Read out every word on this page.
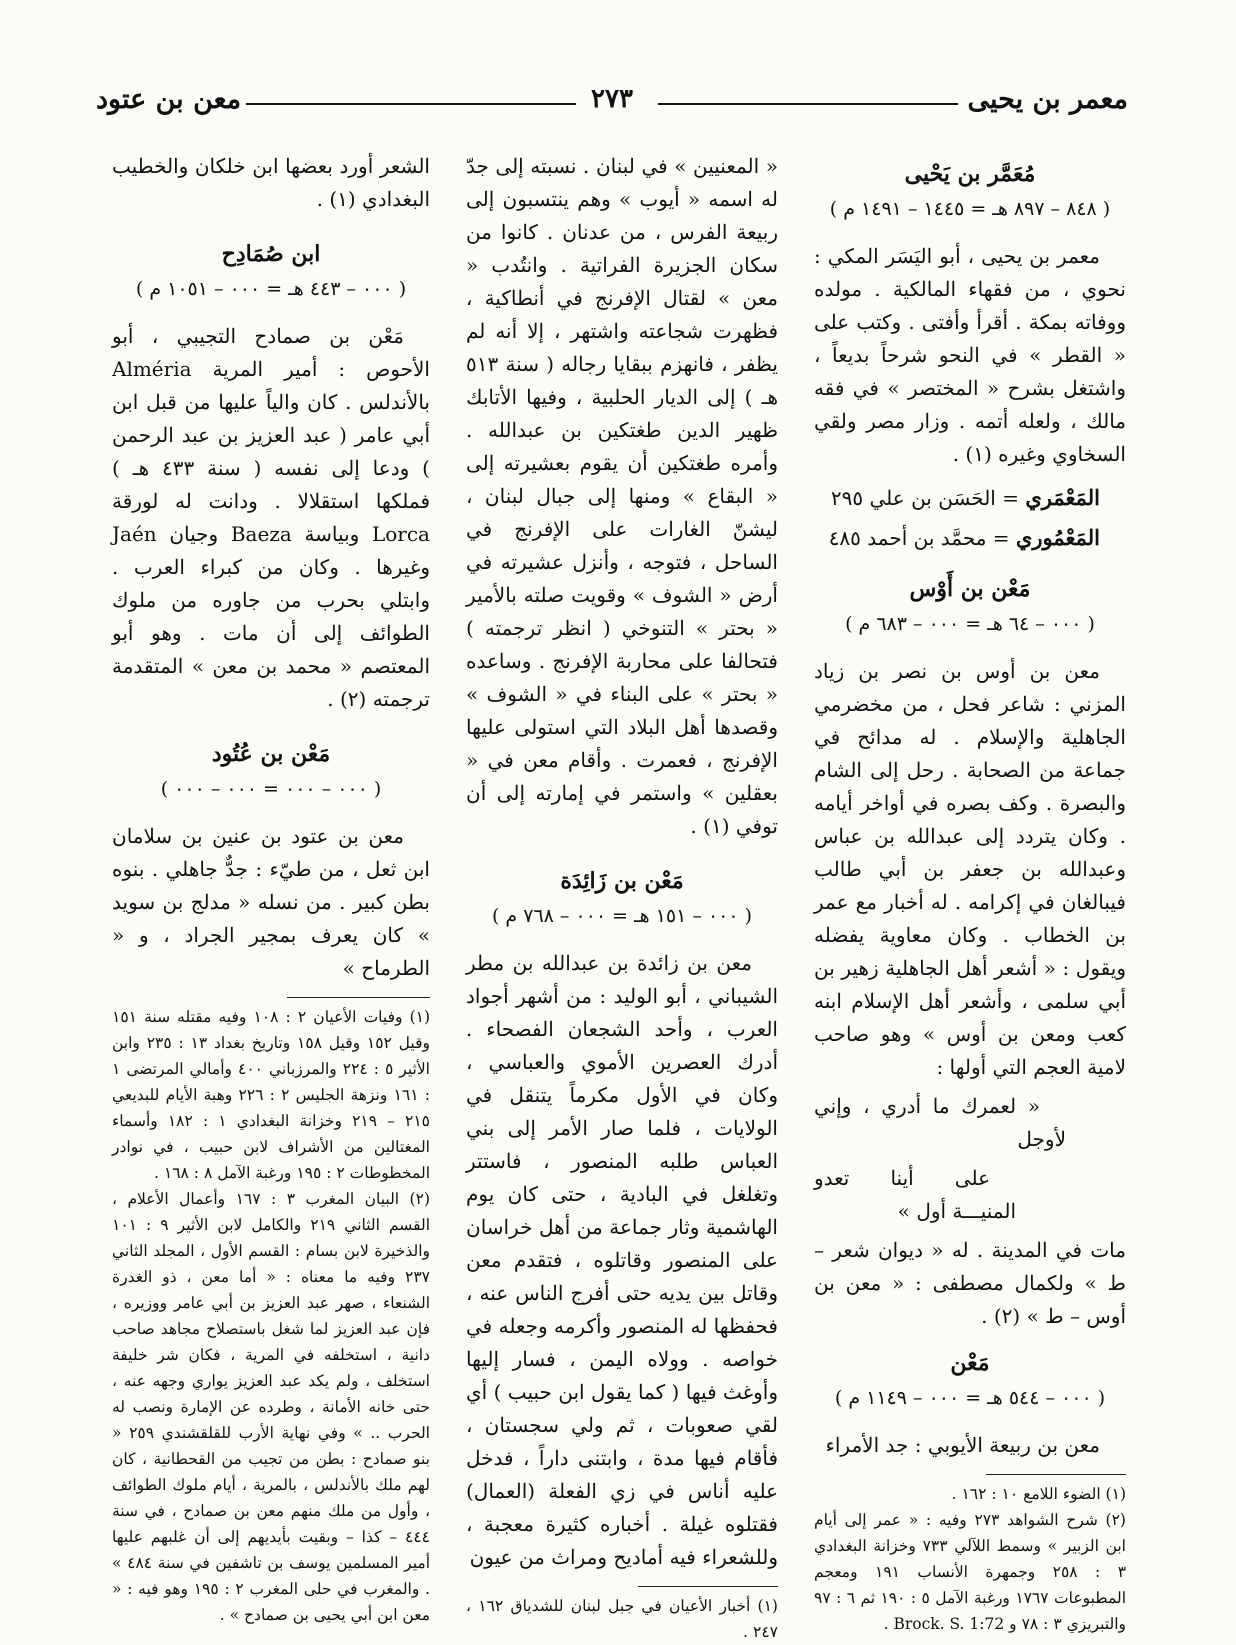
معمر بن يحيى
٢٧٣
معن بن عتود
مُعَمَّر بن يَحْيى
( ٨٤٨ – ٨٩٧ هـ = ١٤٤٥ – ١٤٩١ م )

معمر بن يحيى ، أبو اليَسَر المكي : نحوي ، من فقهاء المالكية . مولده ووفاته بمكة . أقرأ وأفتى . وكتب على « القطر » في النحو شرحاً بديعاً ، واشتغل بشرح « المختصر » في فقه مالك ، ولعله أتمه . وزار مصر ولقي السخاوي وغيره (١) .

المَعْمَري = الحَسَن بن علي ٢٩٥

المَعْمُوري = محمَّد بن أحمد ٤٨٥

مَعْن بن أَوْس
( ٠٠٠ – ٦٤ هـ = ٠٠٠ – ٦٨٣ م )

معن بن أوس بن نصر بن زياد المزني : شاعر فحل ، من مخضرمي الجاهلية والإسلام . له مدائح في جماعة من الصحابة . رحل إلى الشام والبصرة . وكف بصره في أواخر أيامه . وكان يتردد إلى عبدالله بن عباس وعبدالله بن جعفر بن أبي طالب فيبالغان في إكرامه . له أخبار مع عمر بن الخطاب . وكان معاوية يفضله ويقول : « أشعر أهل الجاهلية زهير بن أبي سلمى ، وأشعر أهل الإسلام ابنه كعب ومعن بن أوس » وهو صاحب لامية العجم التي أولها :

« لعمرك ما أدري ، وإني لأوجل

على أينا تعدو المنيـــة أول »

مات في المدينة . له « ديوان شعر – ط » ولكمال مصطفى : « معن بن أوس – ط » (٢) .

مَعْن
( ٠٠٠ – ٥٤٤ هـ = ٠٠٠ – ١١٤٩ م )

معن بن ربيعة الأيوبي : جد الأمراء

(١) الضوء اللامع ١٠ : ١٦٢ .

(٢) شرح الشواهد ٢٧٣ وفيه : « عمر إلى أيام ابن الزبير » وسمط اللآلي ٧٣٣ وخزانة البغدادي ٣ : ٢٥٨ وجمهرة الأنساب ١٩١ ومعجم المطبوعات ١٧٦٧ ورغبة الآمل ٥ : ١٩٠ ثم ٦ : ٩٧ والتبريزي ٣ : ٧٨ و Brock. S. 1:72 .

« المعنيين » في لبنان . نسبته إلى جدّ له اسمه « أيوب » وهم ينتسبون إلى ربيعة الفرس ، من عدنان . كانوا من سكان الجزيرة الفراتية . وانتُدب « معن » لقتال الإفرنج في أنطاكية ، فظهرت شجاعته واشتهر ، إلا أنه لم يظفر ، فانهزم ببقايا رجاله ( سنة ٥١٣ هـ ) إلى الديار الحلبية ، وفيها الأتابك ظهير الدين طغتكين بن عبدالله . وأمره طغتكين أن يقوم بعشيرته إلى « البقاع » ومنها إلى جبال لبنان ، ليشنّ الغارات على الإفرنج في الساحل ، فتوجه ، وأنزل عشيرته في أرض « الشوف » وقويت صلته بالأمير « بحتر » التنوخي ( انظر ترجمته ) فتحالفا على محاربة الإفرنج . وساعده « بحتر » على البناء في « الشوف » وقصدها أهل البلاد التي استولى عليها الإفرنج ، فعمرت . وأقام معن في « بعقلين » واستمر في إمارته إلى أن توفي (١) .

مَعْن بن زَائِدَة
( ٠٠٠ – ١٥١ هـ = ٠٠٠ – ٧٦٨ م )

معن بن زائدة بن عبدالله بن مطر الشيباني ، أبو الوليد : من أشهر أجواد العرب ، وأحد الشجعان الفصحاء . أدرك العصرين الأموي والعباسي ، وكان في الأول مكرماً يتنقل في الولايات ، فلما صار الأمر إلى بني العباس طلبه المنصور ، فاستتر وتغلغل في البادية ، حتى كان يوم الهاشمية وثار جماعة من أهل خراسان على المنصور وقاتلوه ، فتقدم معن وقاتل بين يديه حتى أفرج الناس عنه ، فحفظها له المنصور وأكرمه وجعله في خواصه . وولاه اليمن ، فسار إليها وأوغث فيها ( كما يقول ابن حبيب ) أي لقي صعوبات ، ثم ولي سجستان ، فأقام فيها مدة ، وابتنى داراً ، فدخل عليه أناس في زي الفعلة (العمال) فقتلوه غيلة . أخباره كثيرة معجبة ، وللشعراء فيه أماديح ومراث من عيون

(١) أخبار الأعيان في جبل لبنان للشدياق ١٦٢ ، ٢٤٧ .

الشعر أورد بعضها ابن خلكان والخطيب البغدادي (١) .

ابن صُمَادِح
( ٠٠٠ – ٤٤٣ هـ = ٠٠٠ – ١٠٥١ م )

مَعْن بن صمادح التجيبي ، أبو الأحوص : أمير المرية Alméria بالأندلس . كان والياً عليها من قبل ابن أبي عامر ( عبد العزيز بن عبد الرحمن ) ودعا إلى نفسه ( سنة ٤٣٣ هـ ) فملكها استقلالا . ودانت له لورقة Lorca وبياسة Baeza وجيان Jaén وغيرها . وكان من كبراء العرب . وابتلي بحرب من جاوره من ملوك الطوائف إلى أن مات . وهو أبو المعتصم « محمد بن معن » المتقدمة ترجمته (٢) .

مَعْن بن عُتُود
( ٠٠٠ – ٠٠٠ = ٠٠٠ – ٠٠٠ )

معن بن عتود بن عنين بن سلامان ابن ثعل ، من طيّء : جدٌّ جاهلي . بنوه بطن كبير . من نسله « مدلج بن سويد » كان يعرف بمجير الجراد ، و « الطرماح »

(١) وفيات الأعيان ٢ : ١٠٨ وفيه مقتله سنة ١٥١ وقيل ١٥٢ وقيل ١٥٨ وتاريخ بغداد ١٣ : ٢٣٥ وابن الأثير ٥ : ٢٢٤ والمرزباني ٤٠٠ وأمالي المرتضى ١ : ١٦١ ونزهة الجليس ٢ : ٢٢٦ وهبة الأيام للبديعي ٢١٥ – ٢١٩ وخزانة البغدادي ١ : ١٨٢ وأسماء المغتالين من الأشراف لابن حبيب ، في نوادر المخطوطات ٢ : ١٩٥ ورغبة الآمل ٨ : ١٦٨ .

(٢) البيان المغرب ٣ : ١٦٧ وأعمال الأعلام ، القسم الثاني ٢١٩ والكامل لابن الأثير ٩ : ١٠١ والذخيرة لابن بسام : القسم الأول ، المجلد الثاني ٢٣٧ وفيه ما معناه : « أما معن ، ذو الغدرة الشنعاء ، صهر عبد العزيز بن أبي عامر ووزيره ، فإن عبد العزيز لما شغل باستصلاح مجاهد صاحب دانية ، استخلفه في المرية ، فكان شر خليفة استخلف ، ولم يكد عبد العزيز يواري وجهه عنه ، حتى خانه الأمانة ، وطرده عن الإمارة ونصب له الحرب .. » وفي نهاية الأرب للقلقشندي ٢٥٩ « بنو صمادح : بطن من تجيب من القحطانية ، كان لهم ملك بالأندلس ، بالمرية ، أيام ملوك الطوائف ، وأول من ملك منهم معن بن صمادح ، في سنة ٤٤٤ – كذا – وبقيت بأيديهم إلى أن غلبهم عليها أمير المسلمين يوسف بن تاشفين في سنة ٤٨٤ » . والمغرب في حلى المغرب ٢ : ١٩٥ وهو فيه : « معن ابن أبي يحيى بن صمادح » .
